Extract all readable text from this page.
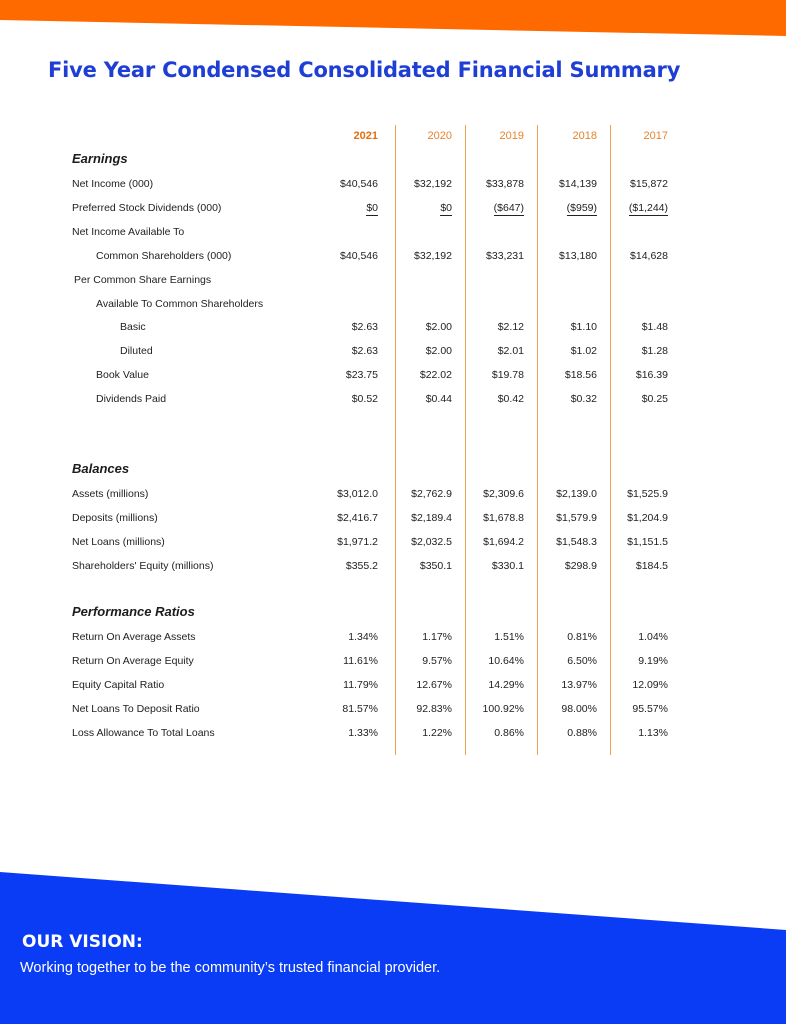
Five Year Condensed Consolidated Financial Summary
2021	2020	2019	2018	2017
Earnings
Net Income (000)	$40,546	$32,192	$33,878	$14,139	$15,872
Preferred Stock Dividends (000)	$0	$0	($647)	($959)	($1,244)
Net Income Available To
Common Shareholders (000)	$40,546	$32,192	$33,231	$13,180	$14,628
Per Common Share Earnings
Available To Common Shareholders
Basic	$2.63	$2.00	$2.12	$1.10	$1.48
Diluted	$2.63	$2.00	$2.01	$1.02	$1.28
Book Value	$23.75	$22.02	$19.78	$18.56	$16.39
Dividends Paid	$0.52	$0.44	$0.42	$0.32	$0.25
Balances
Assets (millions)	$3,012.0	$2,762.9	$2,309.6	$2,139.0	$1,525.9
Deposits (millions)	$2,416.7	$2,189.4	$1,678.8	$1,579.9	$1,204.9
Net Loans (millions)	$1,971.2	$2,032.5	$1,694.2	$1,548.3	$1,151.5
Shareholders' Equity (millions)	$355.2	$350.1	$330.1	$298.9	$184.5
Performance Ratios
Return On Average Assets	1.34%	1.17%	1.51%	0.81%	1.04%
Return On Average Equity	11.61%	9.57%	10.64%	6.50%	9.19%
Equity Capital Ratio	11.79%	12.67%	14.29%	13.97%	12.09%
Net Loans To Deposit Ratio	81.57%	92.83%	100.92%	98.00%	95.57%
Loss Allowance To Total Loans	1.33%	1.22%	0.86%	0.88%	1.13%
OUR VISION:

Working together to be the community’s trusted financial provider.
